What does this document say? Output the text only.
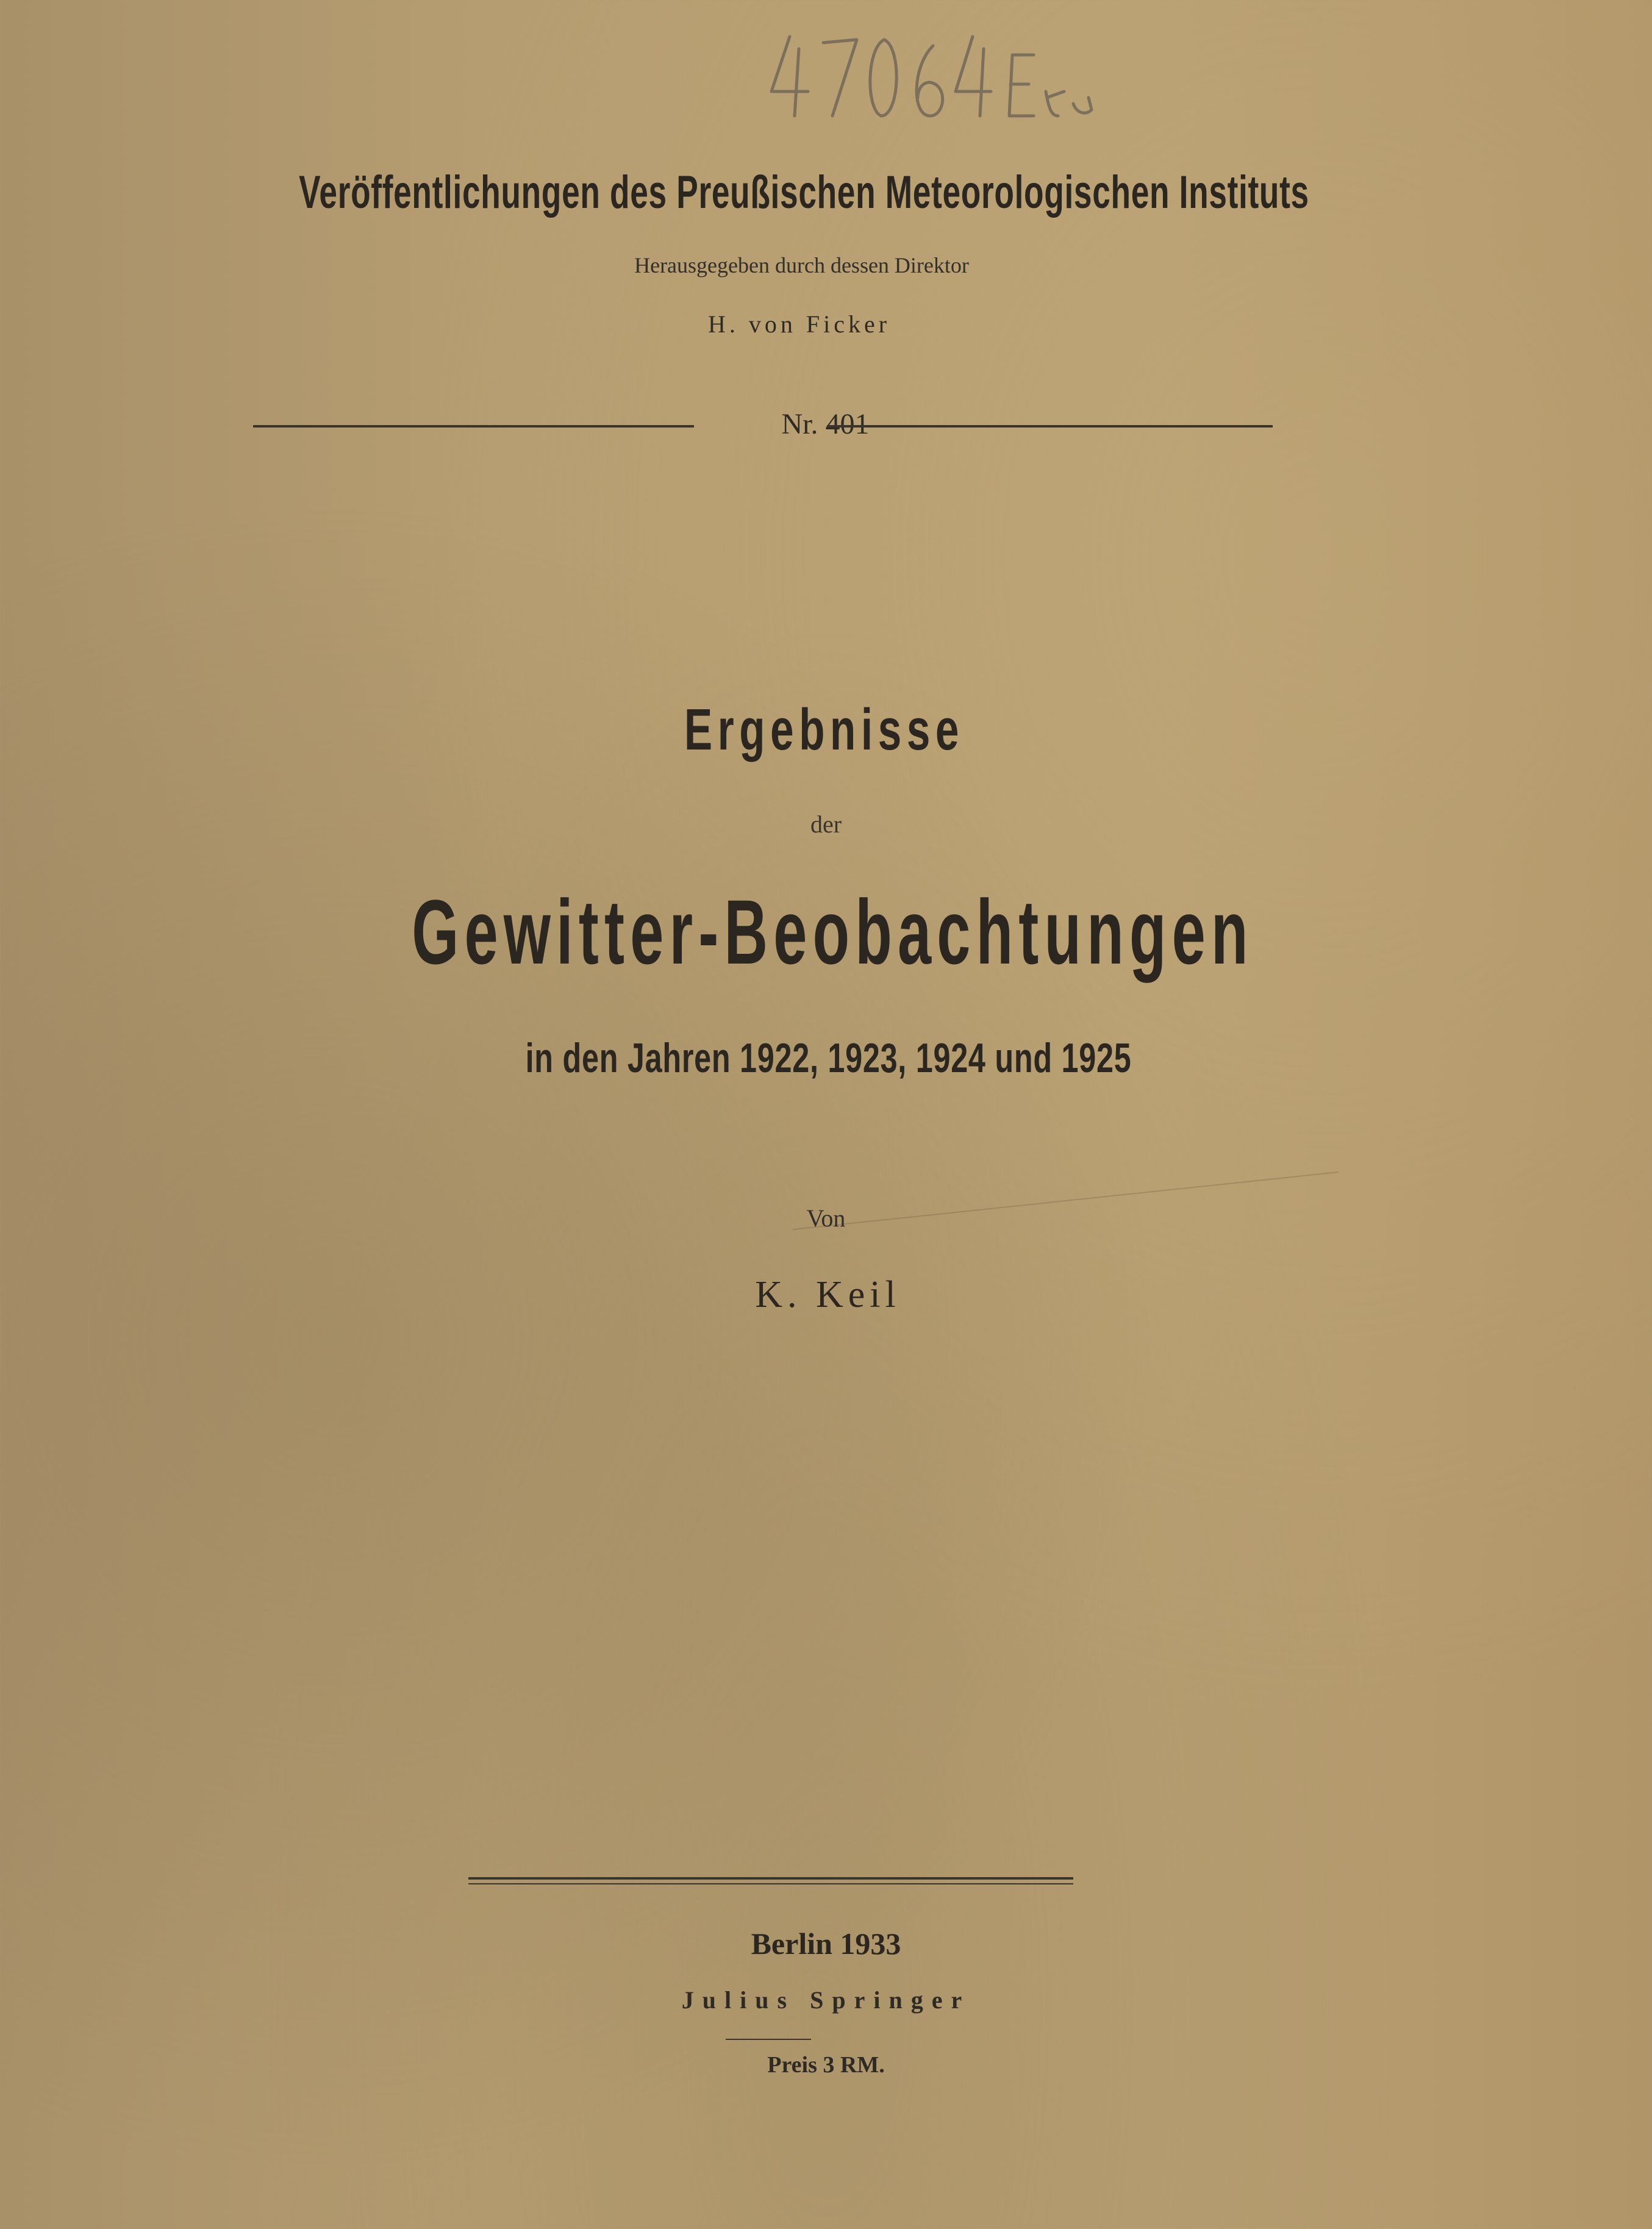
Veröffentlichungen des Preußischen Meteorologischen Instituts
Herausgegeben durch dessen Direktor
H. von Ficker
Nr. 401
Ergebnisse
der
Gewitter-Beobachtungen
in den Jahren 1922, 1923, 1924 und 1925
Von
K. Keil
Berlin 1933
Julius Springer
Preis 3 RM.
